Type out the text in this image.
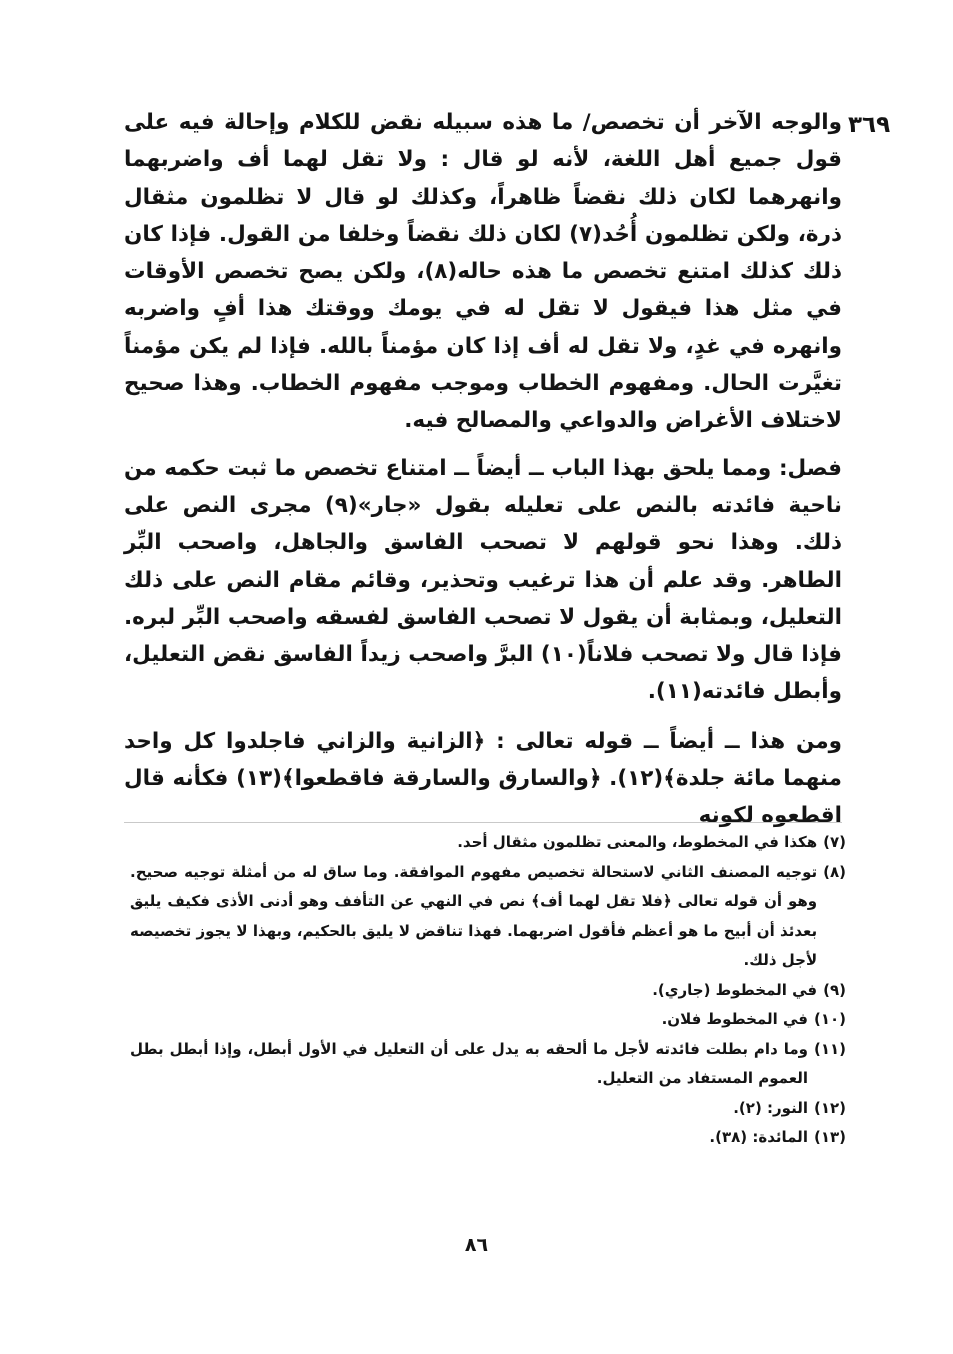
٣٦٩

والوجه الآخر أن تخصص/ ما هذه سبيله نقض للكلام وإحالة فيه على قول جميع أهل اللغة، لأنه لو قال : ولا تقل لهما أف واضربهما وانهرهما لكان ذلك نقضاً ظاهراً، وكذلك لو قال لا تظلمون مثقال ذرة، ولكن تظلمون أُحُد(٧) لكان ذلك نقضاً وخلفا من القول. فإذا كان ذلك كذلك امتنع تخصص ما هذه حاله(٨)، ولكن يصح تخصص الأوقات في مثل هذا فيقول لا تقل له في يومك ووقتك هذا أفٍ واضربه وانهره في غدٍ، ولا تقل له أف إذا كان مؤمناً بالله. فإذا لم يكن مؤمناً تغيَّرت الحال. ومفهوم الخطاب وموجب مفهوم الخطاب. وهذا صحيح لاختلاف الأغراض والدواعي والمصالح فيه.

فصل: ومما يلحق بهذا الباب ــ أيضاً ــ امتناع تخصص ما ثبت حكمه من ناحية فائدته بالنص على تعليله بقول «جار»(٩) مجرى النص على ذلك. وهذا نحو قولهم لا تصحب الفاسق والجاهل، واصحب البِّر الطاهر. وقد علم أن هذا ترغيب وتحذير، وقائم مقام النص على ذلك التعليل، وبمثابة أن يقول لا تصحب الفاسق لفسقه واصحب البِّر لبره. فإذا قال ولا تصحب فلاناً(١٠) البرَّ واصحب زيداً الفاسق نقض التعليل، وأبطل فائدته(١١).

ومن هذا ــ أيضاً ــ قوله تعالى : ﴿الزانية والزاني فاجلدوا كل واحد منهما مائة جلدة﴾(١٢). ﴿والسارق والسارقة فاقطعوا﴾(١٣) فكأنه قال اقطعوه لكونه

(٧)
هكذا في المخطوط، والمعنى تظلمون مثقال أحد.
(٨)
توجيه المصنف الثاني لاستحالة تخصيص مفهوم الموافقة. وما ساق له من أمثلة توجيه صحيح. وهو أن قوله تعالى ﴿فلا تقل لهما أف﴾ نص في النهي عن التأفف وهو أدنى الأذى فكيف يليق بعدئذ أن أبيح ما هو أعظم فأقول اضربهما. فهذا تناقض لا يليق بالحكيم، وبهذا لا يجوز تخصيصه لأجل ذلك.
(٩)
في المخطوط (جاري).
(١٠)
في المخطوط فلان.
(١١)
وما دام بطلت فائدته لأجل ما ألحقه به يدل على أن التعليل في الأول أبطل، وإذا أبطل بطل العموم المستفاد من التعليل.
(١٢)
النور: (٢).
(١٣)
المائدة: (٣٨).
٨٦
